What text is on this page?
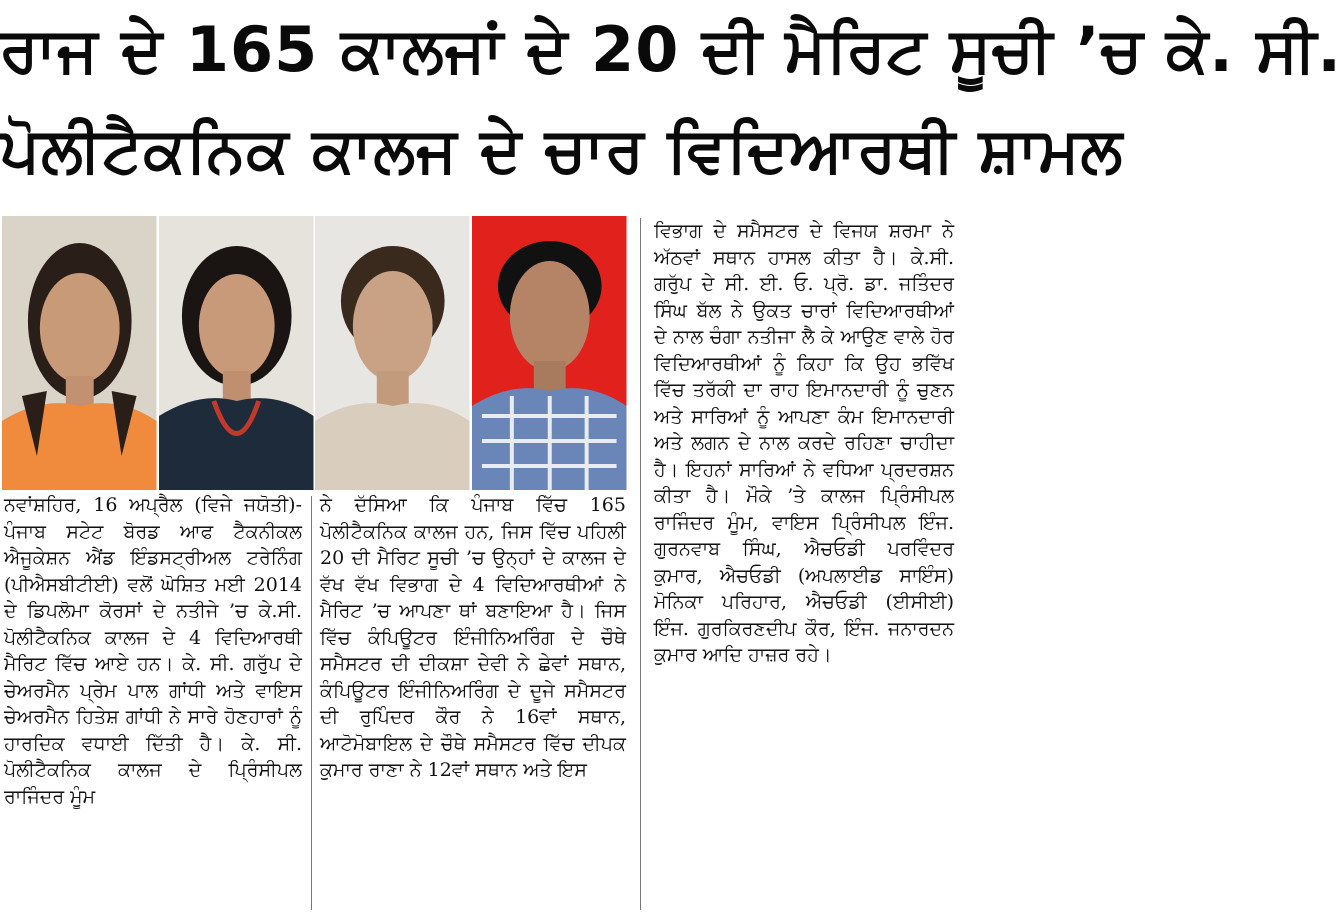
ਰਾਜ ਦੇ 165 ਕਾਲਜਾਂ ਦੇ 20 ਦੀ ਮੈਰਿਟ ਸੂਚੀ ’ਚ ਕੇ. ਸੀ.
ਪੋਲੀਟੈਕਨਿਕ ਕਾਲਜ ਦੇ ਚਾਰ ਵਿਦਿਆਰਥੀ ਸ਼ਾਮਲ

ਨਵਾਂਸ਼ਹਿਰ, 16 ਅਪ੍ਰੈਲ (ਵਿਜੇ ਜਯੋਤੀ)-ਪੰਜਾਬ ਸਟੇਟ ਬੋਰਡ ਆਫ ਟੈਕਨੀਕਲ ਐਜੂਕੇਸ਼ਨ ਐਂਡ ਇੰਡਸਟ੍ਰੀਅਲ ਟਰੇਨਿੰਗ (ਪੀਐਸਬੀਟੀਈ) ਵਲੋਂ ਘੋਸ਼ਿਤ ਮਈ 2014 ਦੇ ਡਿਪਲੋਮਾ ਕੋਰਸਾਂ ਦੇ ਨਤੀਜੇ ’ਚ ਕੇ.ਸੀ. ਪੋਲੀਟੈਕਨਿਕ ਕਾਲਜ ਦੇ 4 ਵਿਦਿਆਰਥੀ ਮੈਰਿਟ ਵਿੱਚ ਆਏ ਹਨ। ਕੇ. ਸੀ. ਗਰੁੱਪ ਦੇ ਚੇਅਰਮੈਨ ਪ੍ਰੇਮ ਪਾਲ ਗਾਂਧੀ ਅਤੇ ਵਾਇਸ ਚੇਅਰਮੈਨ ਹਿਤੇਸ਼ ਗਾਂਧੀ ਨੇ ਸਾਰੇ ਹੋਣਹਾਰਾਂ ਨੂੰ ਹਾਰਦਿਕ ਵਧਾਈ ਦਿੱਤੀ ਹੈ। ਕੇ. ਸੀ. ਪੋਲੀਟੈਕਨਿਕ ਕਾਲਜ ਦੇ ਪ੍ਰਿੰਸੀਪਲ ਰਾਜਿੰਦਰ ਮੂੰਮ

ਨੇ ਦੱਸਿਆ ਕਿ ਪੰਜਾਬ ਵਿੱਚ 165 ਪੋਲੀਟੈਕਨਿਕ ਕਾਲਜ ਹਨ, ਜਿਸ ਵਿੱਚ ਪਹਿਲੀ 20 ਦੀ ਮੈਰਿਟ ਸੂਚੀ ’ਚ ਉਨ੍ਹਾਂ ਦੇ ਕਾਲਜ ਦੇ ਵੱਖ ਵੱਖ ਵਿਭਾਗ ਦੇ 4 ਵਿਦਿਆਰਥੀਆਂ ਨੇ ਮੈਰਿਟ ’ਚ ਆਪਣਾ ਥਾਂ ਬਣਾਇਆ ਹੈ। ਜਿਸ ਵਿੱਚ ਕੰਪਿਊਟਰ ਇੰਜੀਨਿਅਰਿੰਗ ਦੇ ਚੌਥੇ ਸਮੈਸਟਰ ਦੀ ਦੀਕਸ਼ਾ ਦੇਵੀ ਨੇ ਛੇਵਾਂ ਸਥਾਨ, ਕੰਪਿਊਟਰ ਇੰਜੀਨਿਅਰਿੰਗ ਦੇ ਦੂਜੇ ਸਮੈਸਟਰ ਦੀ ਰੁਪਿੰਦਰ ਕੌਰ ਨੇ 16ਵਾਂ ਸਥਾਨ, ਆਟੋਮੋਬਾਇਲ ਦੇ ਚੌਥੇ ਸਮੈਸਟਰ ਵਿੱਚ ਦੀਪਕ ਕੁਮਾਰ ਰਾਣਾ ਨੇ 12ਵਾਂ ਸਥਾਨ ਅਤੇ ਇਸ

ਵਿਭਾਗ ਦੇ ਸਮੈਸਟਰ ਦੇ ਵਿਜਯ ਸ਼ਰਮਾ ਨੇ ਅੱਠਵਾਂ ਸਥਾਨ ਹਾਸਲ ਕੀਤਾ ਹੈ। ਕੇ.ਸੀ. ਗਰੁੱਪ ਦੇ ਸੀ. ਈ. ਓ. ਪ੍ਰੋ. ਡਾ. ਜਤਿੰਦਰ ਸਿੰਘ ਬੱਲ ਨੇ ਉਕਤ ਚਾਰਾਂ ਵਿਦਿਆਰਥੀਆਂ ਦੇ ਨਾਲ ਚੰਗਾ ਨਤੀਜਾ ਲੈ ਕੇ ਆਉਣ ਵਾਲੇ ਹੋਰ ਵਿਦਿਆਰਥੀਆਂ ਨੂੰ ਕਿਹਾ ਕਿ ਉਹ ਭਵਿੱਖ ਵਿੱਚ ਤਰੱਕੀ ਦਾ ਰਾਹ ਇਮਾਨਦਾਰੀ ਨੂੰ ਚੁਣਨ ਅਤੇ ਸਾਰਿਆਂ ਨੂੰ ਆਪਣਾ ਕੰਮ ਇਮਾਨਦਾਰੀ ਅਤੇ ਲਗਨ ਦੇ ਨਾਲ ਕਰਦੇ ਰਹਿਣਾ ਚਾਹੀਦਾ ਹੈ। ਇਹਨਾਂ ਸਾਰਿਆਂ ਨੇ ਵਧਿਆ ਪ੍ਰਦਰਸ਼ਨ ਕੀਤਾ ਹੈ। ਮੌਕੇ ’ਤੇ ਕਾਲਜ ਪ੍ਰਿੰਸੀਪਲ ਰਾਜਿੰਦਰ ਮੂੰਮ, ਵਾਇਸ ਪ੍ਰਿੰਸੀਪਲ ਇੰਜ. ਗੁਰਨਵਾਬ ਸਿੰਘ, ਐਚਓਡੀ ਪਰਵਿੰਦਰ ਕੁਮਾਰ, ਐਚਓਡੀ (ਅਪਲਾਈਡ ਸਾਇੰਸ) ਮੋਨਿਕਾ ਪਰਿਹਾਰ, ਐਚਓਡੀ (ਈਸੀਈ) ਇੰਜ. ਗੁਰਕਿਰਣਦੀਪ ਕੌਰ, ਇੰਜ. ਜਨਾਰਦਨ ਕੁਮਾਰ ਆਦਿ ਹਾਜ਼ਰ ਰਹੇ।
